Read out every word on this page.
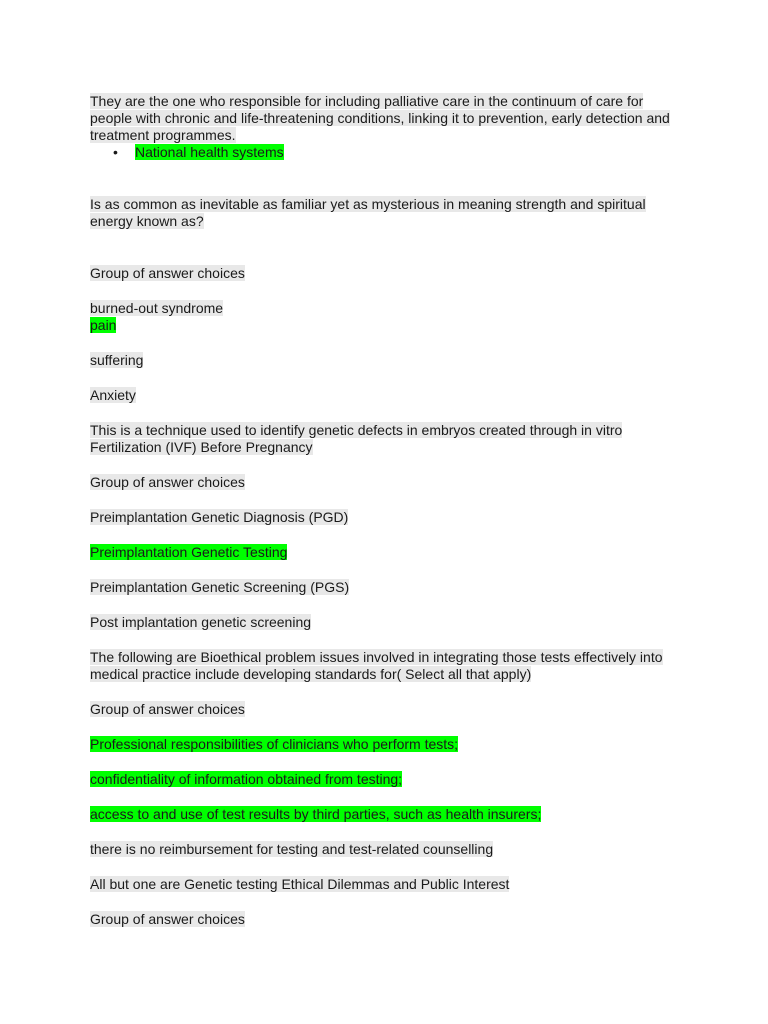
They are the one who responsible for including palliative care in the continuum of care for people with chronic and life-threatening conditions, linking it to prevention, early detection and treatment programmes.

• National health systems

Is as common as inevitable as familiar yet as mysterious in meaning strength and spiritual energy known as?

Group of answer choices

burned-out syndrome

pain

suffering

Anxiety

This is a technique used to identify genetic defects in embryos created through in vitro Fertilization (IVF) Before Pregnancy

Group of answer choices

Preimplantation Genetic Diagnosis (PGD)

Preimplantation Genetic Testing

Preimplantation Genetic Screening (PGS)

Post implantation genetic screening

The following are Bioethical problem issues involved in integrating those tests effectively into medical practice include developing standards for( Select all that apply)

Group of answer choices

Professional responsibilities of clinicians who perform tests;

confidentiality of information obtained from testing;

access to and use of test results by third parties, such as health insurers;

there is no reimbursement for testing and test-related counselling

All but one are Genetic testing Ethical Dilemmas and Public Interest

Group of answer choices
